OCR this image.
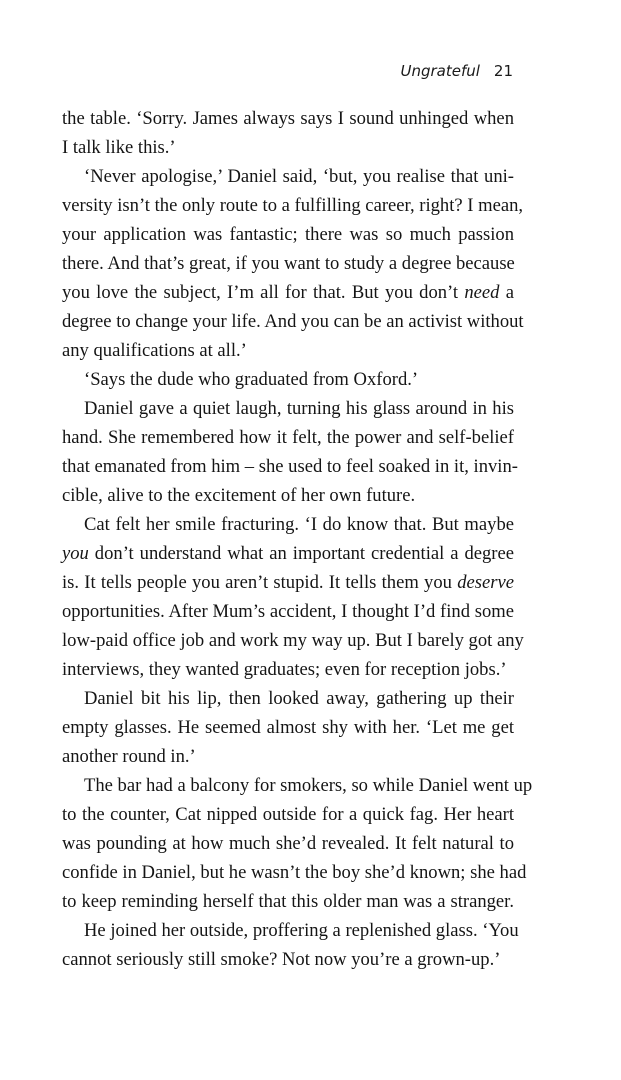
Ungrateful 21
the table. ‘Sorry. James always says I sound unhinged when
I talk like this.’
‘Never apologise,’ Daniel said, ‘but, you realise that uni-
versity isn’t the only route to a fulfilling career, right? I mean,
your application was fantastic; there was so much passion
there. And that’s great, if you want to study a degree because
you love the subject, I’m all for that. But you don’t need a
degree to change your life. And you can be an activist without
any qualifications at all.’
‘Says the dude who graduated from Oxford.’
Daniel gave a quiet laugh, turning his glass around in his
hand. She remembered how it felt, the power and self-belief
that emanated from him – she used to feel soaked in it, invin-
cible, alive to the excitement of her own future.
Cat felt her smile fracturing. ‘I do know that. But maybe
you don’t understand what an important credential a degree
is. It tells people you aren’t stupid. It tells them you deserve
opportunities. After Mum’s accident, I thought I’d find some
low-paid office job and work my way up. But I barely got any
interviews, they wanted graduates; even for reception jobs.’
Daniel bit his lip, then looked away, gathering up their
empty glasses. He seemed almost shy with her. ‘Let me get
another round in.’
The bar had a balcony for smokers, so while Daniel went up
to the counter, Cat nipped outside for a quick fag. Her heart
was pounding at how much she’d revealed. It felt natural to
confide in Daniel, but he wasn’t the boy she’d known; she had
to keep reminding herself that this older man was a stranger.
He joined her outside, proffering a replenished glass. ‘You
cannot seriously still smoke? Not now you’re a grown-up.’
